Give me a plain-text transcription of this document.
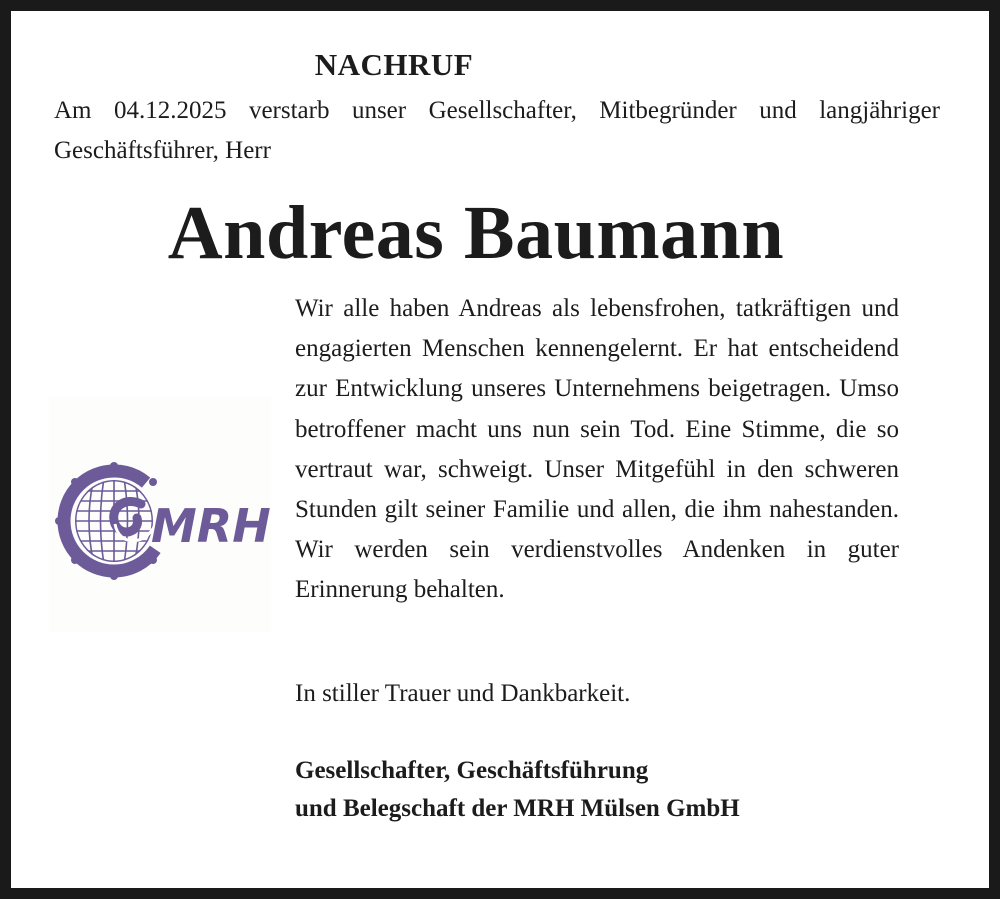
NACHRUF
Am 04.12.2025 verstarb unser Gesellschafter, Mitbegründer und langjähriger Geschäftsführer, Herr
Andreas Baumann
MRH

Wir alle haben Andreas als lebensfrohen, tatkräftigen und engagierten Menschen kennengelernt. Er hat entscheidend zur Entwicklung unseres Unternehmens beigetragen. Umso betroffener macht uns nun sein Tod. Eine Stimme, die so vertraut war, schweigt. Unser Mitgefühl in den schweren Stunden gilt seiner Familie und allen, die ihm nahestanden. Wir werden sein verdienstvolles Andenken in guter Erinnerung behalten.

In stiller Trauer und Dankbarkeit.
Gesellschafter, Geschäftsführung
und Belegschaft der MRH Mülsen GmbH
